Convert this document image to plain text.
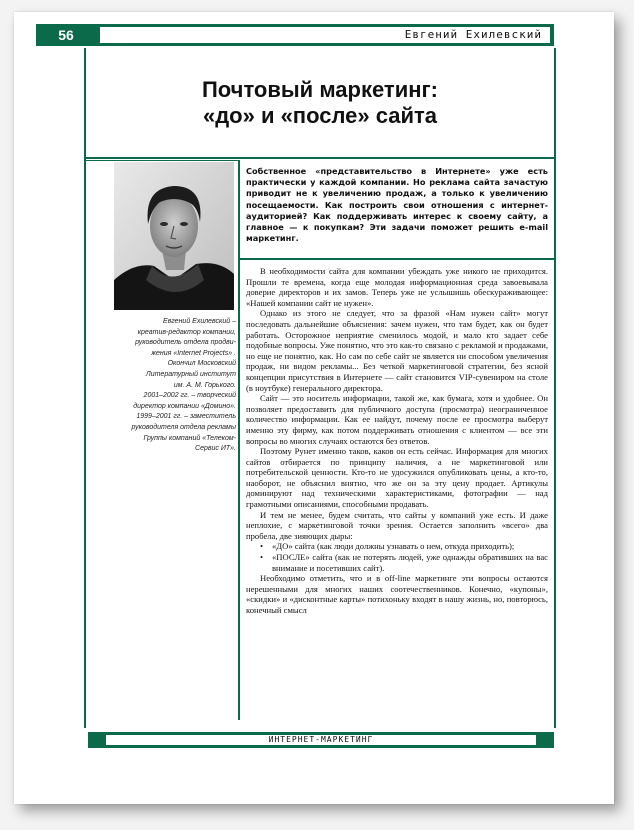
56	Евгений Ехилевский
Почтовый маркетинг:
«до» и «после» сайта
Евгений Ехилевский –
креатив-редактор компании,
руководитель отдела продви-
жения «Internet Projects» .
Окончил Московский
Литературный институт
им. А. М. Горького.
2001–2002 гг. – творческий
директор компании «Домино».
1999–2001 гг. – заместитель
руководителя отдела рекламы
Группы компаний «Телеком-
Сервис ИТ».
Собственное «представительство в Интернете» уже есть практически у каждой компании. Но реклама сайта зачастую приводит не к увеличению продаж, а только к увеличению посещаемости. Как построить свои отношения с интернет-аудиторией? Как поддерживать интерес к своему сайту, а главное — к покупкам? Эти задачи поможет решить e-mail маркетинг.

В необходимости сайта для компании убеждать уже никого не приходится. Прошли те времена, когда еще молодая информационная среда завоевывала доверие директоров и их замов. Теперь уже не услышишь обескураживающее: «Нашей компании сайт не нужен».

Однако из этого не следует, что за фразой «Нам нужен сайт» могут последовать дальнейшие объяснения: зачем нужен, что там будет, как он будет работать. Осторожное неприятие сменилось модой, и мало кто задает себе подобные вопросы. Уже понятно, что это как-то связано с рекламой и продажами, но еще не понятно, как. Но сам по себе сайт не является ни способом увеличения продаж, ни видом рекламы... Без четкой маркетинговой стратегии, без ясной концепции присутствия в Интернете — сайт становится VIP-сувениром на столе (в ноутбуке) генерального директора.

Сайт — это носитель информации, такой же, как бумага, хотя и удобнее. Он позволяет предоставить для публичного доступа (просмотра) неограниченное количество информации. Как ее найдут, почему после ее просмотра выберут именно эту фирму, как потом поддерживать отношения с клиентом — все эти вопросы во многих случаях остаются без ответов.

Поэтому Рунет именно таков, каков он есть сейчас. Информация для многих сайтов отбирается по принципу наличия, а не маркетинговой или потребительской ценности. Кто-то не удосужился опубликовать цены, а кто-то, наоборот, не объяснил внятно, что же он за эту цену продает. Артикулы доминируют над техническими характеристиками, фотографии — над грамотными описаниями, способными продавать.

И тем не менее, будем считать, что сайты у компаний уже есть. И даже неплохие, с маркетинговой точки зрения. Остается заполнить «всего» два пробела, две зияющих дыры:

• «ДО» сайта (как люди должны узнавать о нем, откуда приходить);
• «ПОСЛЕ» сайта (как не потерять людей, уже однажды обративших на вас внимание и посетивших сайт).

Необходимо отметить, что и в off-line маркетинге эти вопросы остаются нерешенными для многих наших соотечественников. Конечно, «купоны», «скидки» и «дисконтные карты» потихоньку входят в нашу жизнь, но, повторюсь, конечный смысл

ИНТЕРНЕТ-МАРКЕТИНГ
